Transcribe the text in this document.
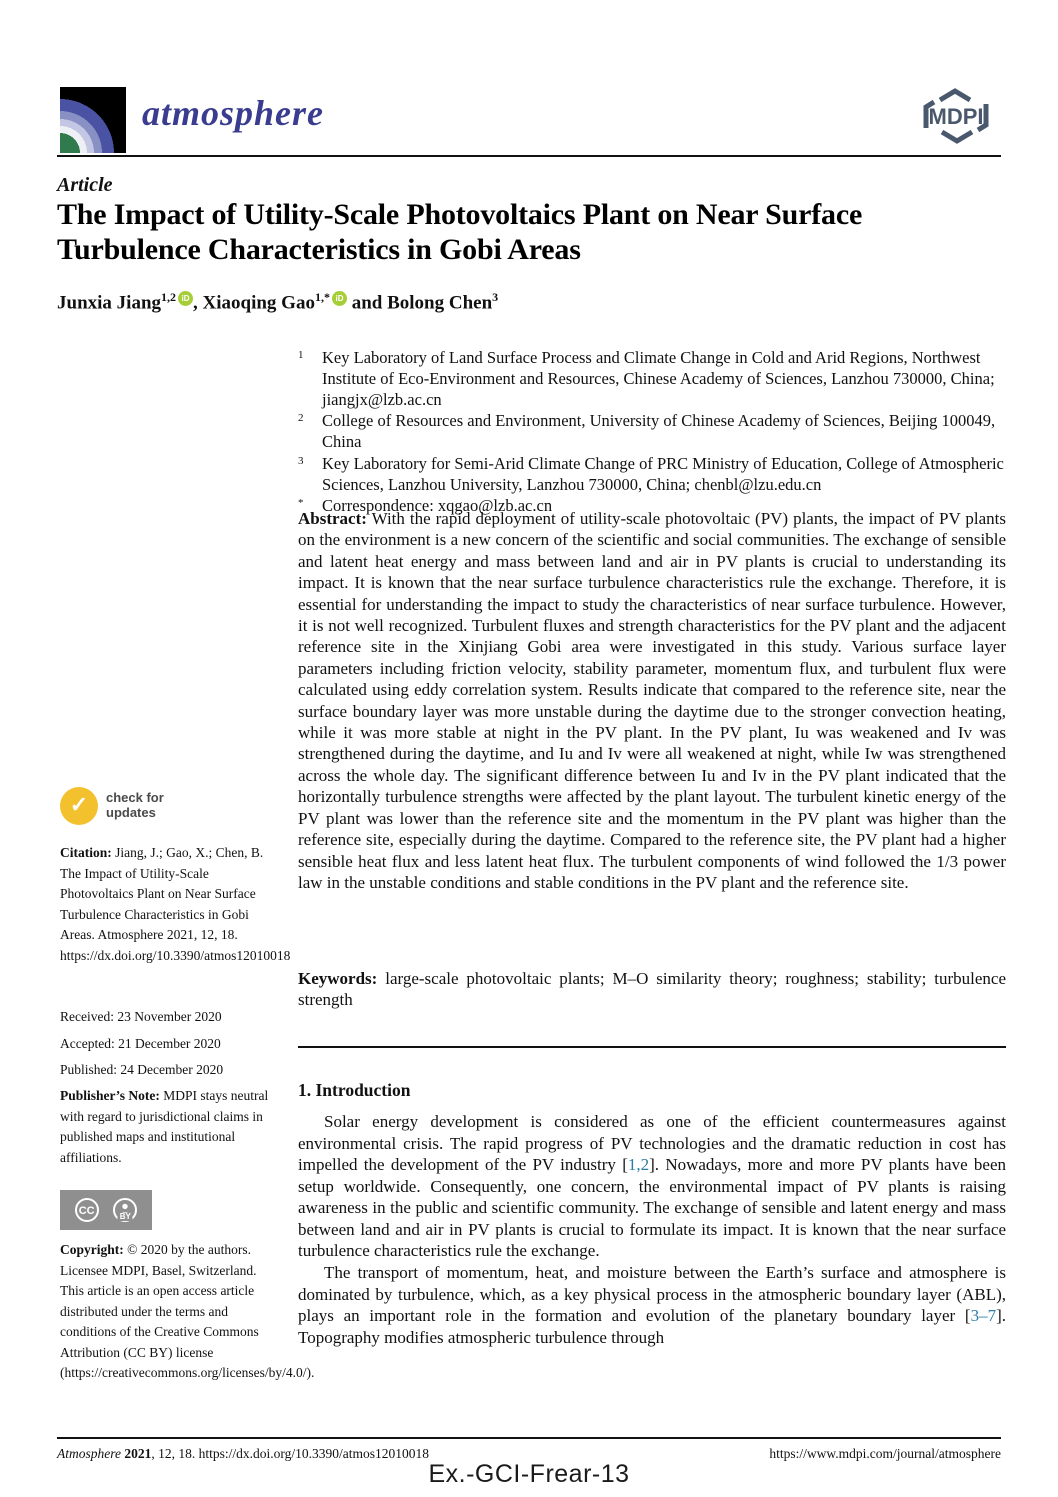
atmosphere	MDPI
Article
The Impact of Utility-Scale Photovoltaics Plant on Near Surface Turbulence Characteristics in Gobi Areas
Junxia Jiang$^{1,2}$ iD , Xiaoqing Gao$^{1,*}$ iD and Bolong Chen$^3$
1	Key Laboratory of Land Surface Process and Climate Change in Cold and Arid Regions, Northwest Institute of Eco-Environment and Resources, Chinese Academy of Sciences, Lanzhou 730000, China; jiangjx@lzb.ac.cn
2	College of Resources and Environment, University of Chinese Academy of Sciences, Beijing 100049, China
3	Key Laboratory for Semi-Arid Climate Change of PRC Ministry of Education, College of Atmospheric Sciences, Lanzhou University, Lanzhou 730000, China; chenbl@lzu.edu.cn
*	Correspondence: xqgao@lzb.ac.cn

Abstract: With the rapid deployment of utility-scale photovoltaic (PV) plants, the impact of PV plants on the environment is a new concern of the scientific and social communities. The exchange of sensible and latent heat energy and mass between land and air in PV plants is crucial to understanding its impact. It is known that the near surface turbulence characteristics rule the exchange. Therefore, it is essential for understanding the impact to study the characteristics of near surface turbulence. However, it is not well recognized. Turbulent fluxes and strength characteristics for the PV plant and the adjacent reference site in the Xinjiang Gobi area were investigated in this study. Various surface layer parameters including friction velocity, stability parameter, momentum flux, and turbulent flux were calculated using eddy correlation system. Results indicate that compared to the reference site, near the surface boundary layer was more unstable during the daytime due to the stronger convection heating, while it was more stable at night in the PV plant. In the PV plant, Iu was weakened and Iv was strengthened during the daytime, and Iu and Iv were all weakened at night, while Iw was strengthened across the whole day. The significant difference between Iu and Iv in the PV plant indicated that the horizontally turbulence strengths were affected by the plant layout. The turbulent kinetic energy of the PV plant was lower than the reference site and the momentum in the PV plant was higher than the reference site, especially during the daytime. Compared to the reference site, the PV plant had a higher sensible heat flux and less latent heat flux. The turbulent components of wind followed the 1/3 power law in the unstable conditions and stable conditions in the PV plant and the reference site.

Keywords: large-scale photovoltaic plants; M–O similarity theory; roughness; stability; turbulence strength

1. Introduction

Solar energy development is considered as one of the efficient countermeasures against environmental crisis. The rapid progress of PV technologies and the dramatic reduction in cost has impelled the development of the PV industry [1,2]. Nowadays, more and more PV plants have been setup worldwide. Consequently, one concern, the environmental impact of PV plants is raising awareness in the public and scientific community. The exchange of sensible and latent energy and mass between land and air in PV plants is crucial to formulate its impact. It is known that the near surface turbulence characteristics rule the exchange.

The transport of momentum, heat, and moisture between the Earth’s surface and atmosphere is dominated by turbulence, which, as a key physical process in the atmospheric boundary layer (ABL), plays an important role in the formation and evolution of the planetary boundary layer [3–7]. Topography modifies atmospheric turbulence through

✓	check for
updates
Citation: Jiang, J.; Gao, X.; Chen, B. The Impact of Utility-Scale Photovoltaics Plant on Near Surface Turbulence Characteristics in Gobi Areas. Atmosphere 2021, 12, 18. https://dx.doi.org/10.3390/atmos12010018
Received: 23 November 2020
Accepted: 21 December 2020
Published: 24 December 2020
Publisher’s Note: MDPI stays neutral with regard to jurisdictional claims in published maps and institutional affiliations.
CC	BY
Copyright: © 2020 by the authors. Licensee MDPI, Basel, Switzerland. This article is an open access article distributed under the terms and conditions of the Creative Commons Attribution (CC BY) license (https://creativecommons.org/licenses/by/4.0/).
Atmosphere 2021, 12, 18. https://dx.doi.org/10.3390/atmos12010018	https://www.mdpi.com/journal/atmosphere
Ex.-GCI-Frear-13
